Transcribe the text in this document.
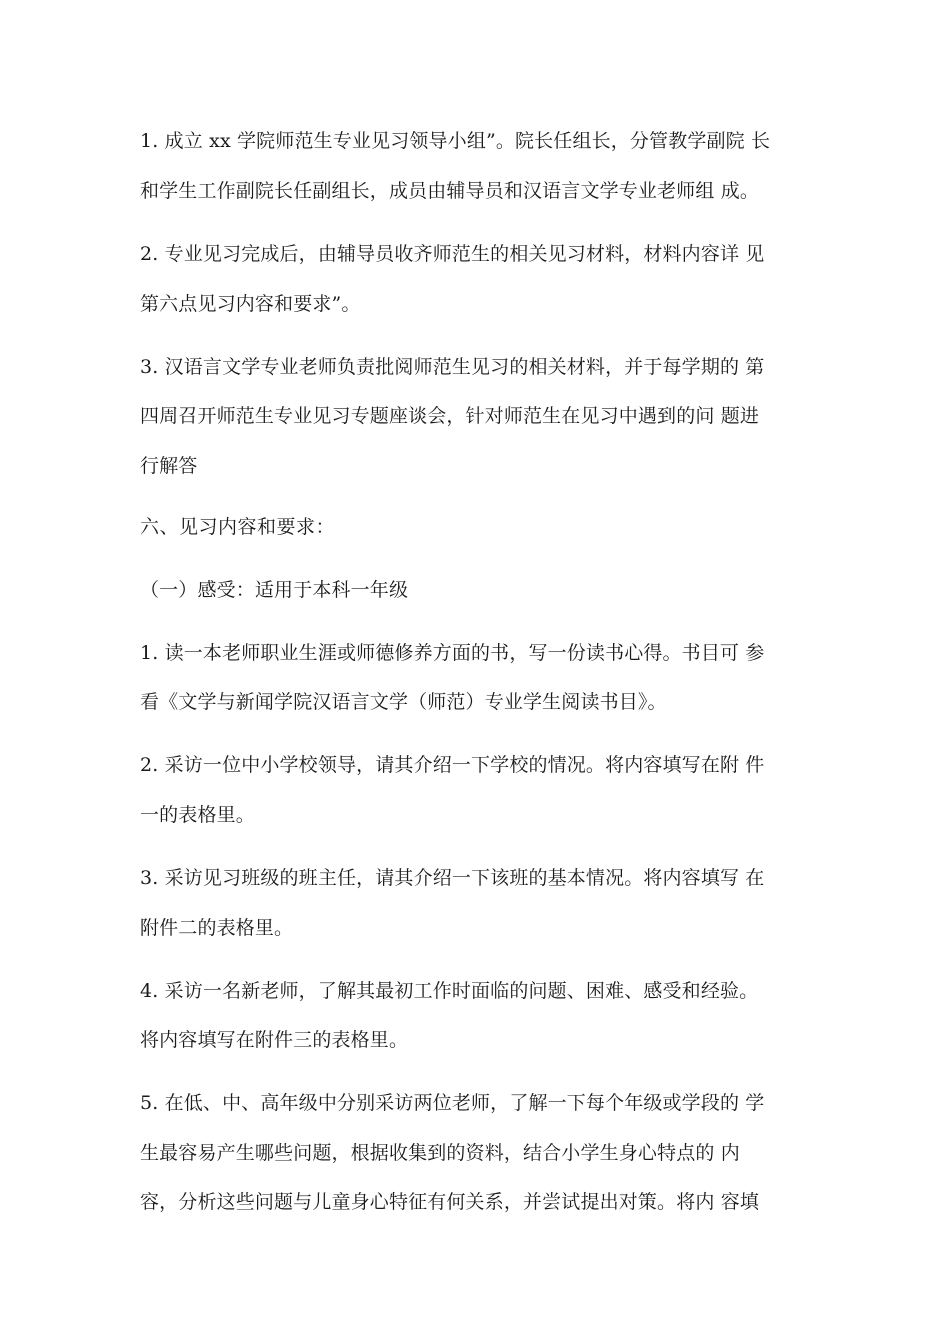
1. 成立 xx 学院师范生专业见习领导小组”。院长任组长，分管教学副院 长

和学生工作副院长任副组长，成员由辅导员和汉语言文学专业老师组 成。

2. 专业见习完成后，由辅导员收齐师范生的相关见习材料，材料内容详 见

第六点见习内容和要求”。

3. 汉语言文学专业老师负责批阅师范生见习的相关材料，并于每学期的 第

四周召开师范生专业见习专题座谈会，针对师范生在见习中遇到的问 题进

行解答

六、见习内容和要求：
（一）感受：适用于本科一年级

1. 读一本老师职业生涯或师德修养方面的书，写一份读书心得。书目可 参

看《文学与新闻学院汉语言文学（师范）专业学生阅读书目》。

2. 采访一位中小学校领导，请其介绍一下学校的情况。将内容填写在附 件

一的表格里。

3. 采访见习班级的班主任，请其介绍一下该班的基本情况。将内容填写 在

附件二的表格里。

4. 采访一名新老师，了解其最初工作时面临的问题、困难、感受和经验。

将内容填写在附件三的表格里。

5. 在低、中、高年级中分别采访两位老师，了解一下每个年级或学段的 学

生最容易产生哪些问题，根据收集到的资料，结合小学生身心特点的 内

容，分析这些问题与儿童身心特征有何关系，并尝试提出对策。将内 容填
